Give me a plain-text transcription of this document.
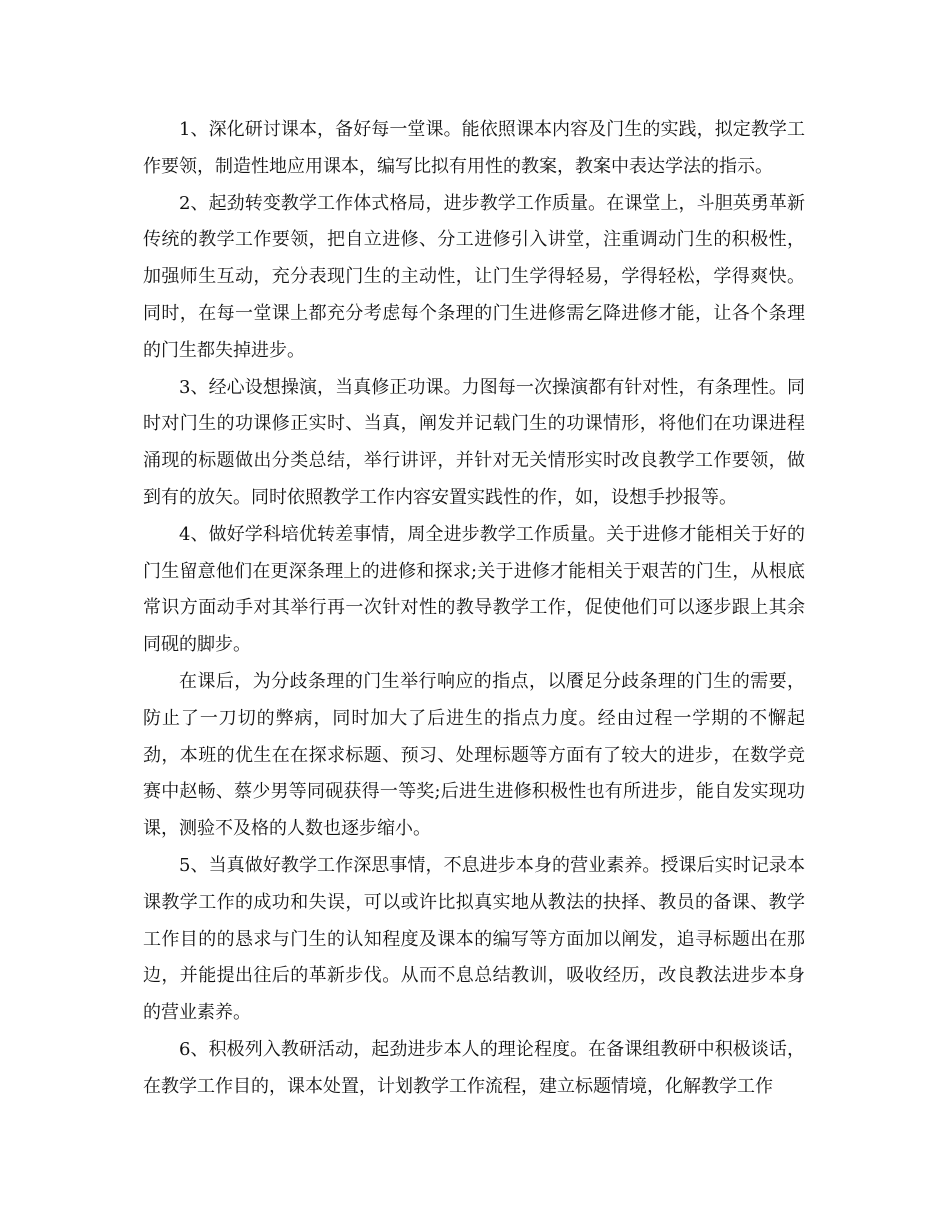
1、深化研讨课本，备好每一堂课。能依照课本内容及门生的实践，拟定教学工作要领，制造性地应用课本，编写比拟有用性的教案，教案中表达学法的指示。

2、起劲转变教学工作体式格局，进步教学工作质量。在课堂上，斗胆英勇革新传统的教学工作要领，把自立进修、分工进修引入讲堂，注重调动门生的积极性，加强师生互动，充分表现门生的主动性，让门生学得轻易，学得轻松，学得爽快。同时，在每一堂课上都充分考虑每个条理的门生进修需乞降进修才能，让各个条理的门生都失掉进步。

3、经心设想操演，当真修正功课。力图每一次操演都有针对性，有条理性。同时对门生的功课修正实时、当真，阐发并记载门生的功课情形，将他们在功课进程涌现的标题做出分类总结，举行讲评，并针对无关情形实时改良教学工作要领，做到有的放矢。同时依照教学工作内容安置实践性的作，如，设想手抄报等。

4、做好学科培优转差事情，周全进步教学工作质量。关于进修才能相关于好的门生留意他们在更深条理上的进修和探求;关于进修才能相关于艰苦的门生，从根底常识方面动手对其举行再一次针对性的教导教学工作，促使他们可以逐步跟上其余同砚的脚步。

在课后，为分歧条理的门生举行响应的指点，以餍足分歧条理的门生的需要，防止了一刀切的弊病，同时加大了后进生的指点力度。经由过程一学期的不懈起劲，本班的优生在在探求标题、预习、处理标题等方面有了较大的进步，在数学竞赛中赵畅、蔡少男等同砚获得一等奖;后进生进修积极性也有所进步，能自发实现功课，测验不及格的人数也逐步缩小。

5、当真做好教学工作深思事情，不息进步本身的营业素养。授课后实时记录本课教学工作的成功和失误，可以或许比拟真实地从教法的抉择、教员的备课、教学工作目的的恳求与门生的认知程度及课本的编写等方面加以阐发，追寻标题出在那边，并能提出往后的革新步伐。从而不息总结教训，吸收经历，改良教法进步本身的营业素养。

6、积极列入教研活动，起劲进步本人的理论程度。在备课组教研中积极谈话，在教学工作目的，课本处置，计划教学工作流程，建立标题情境，化解教学工作
